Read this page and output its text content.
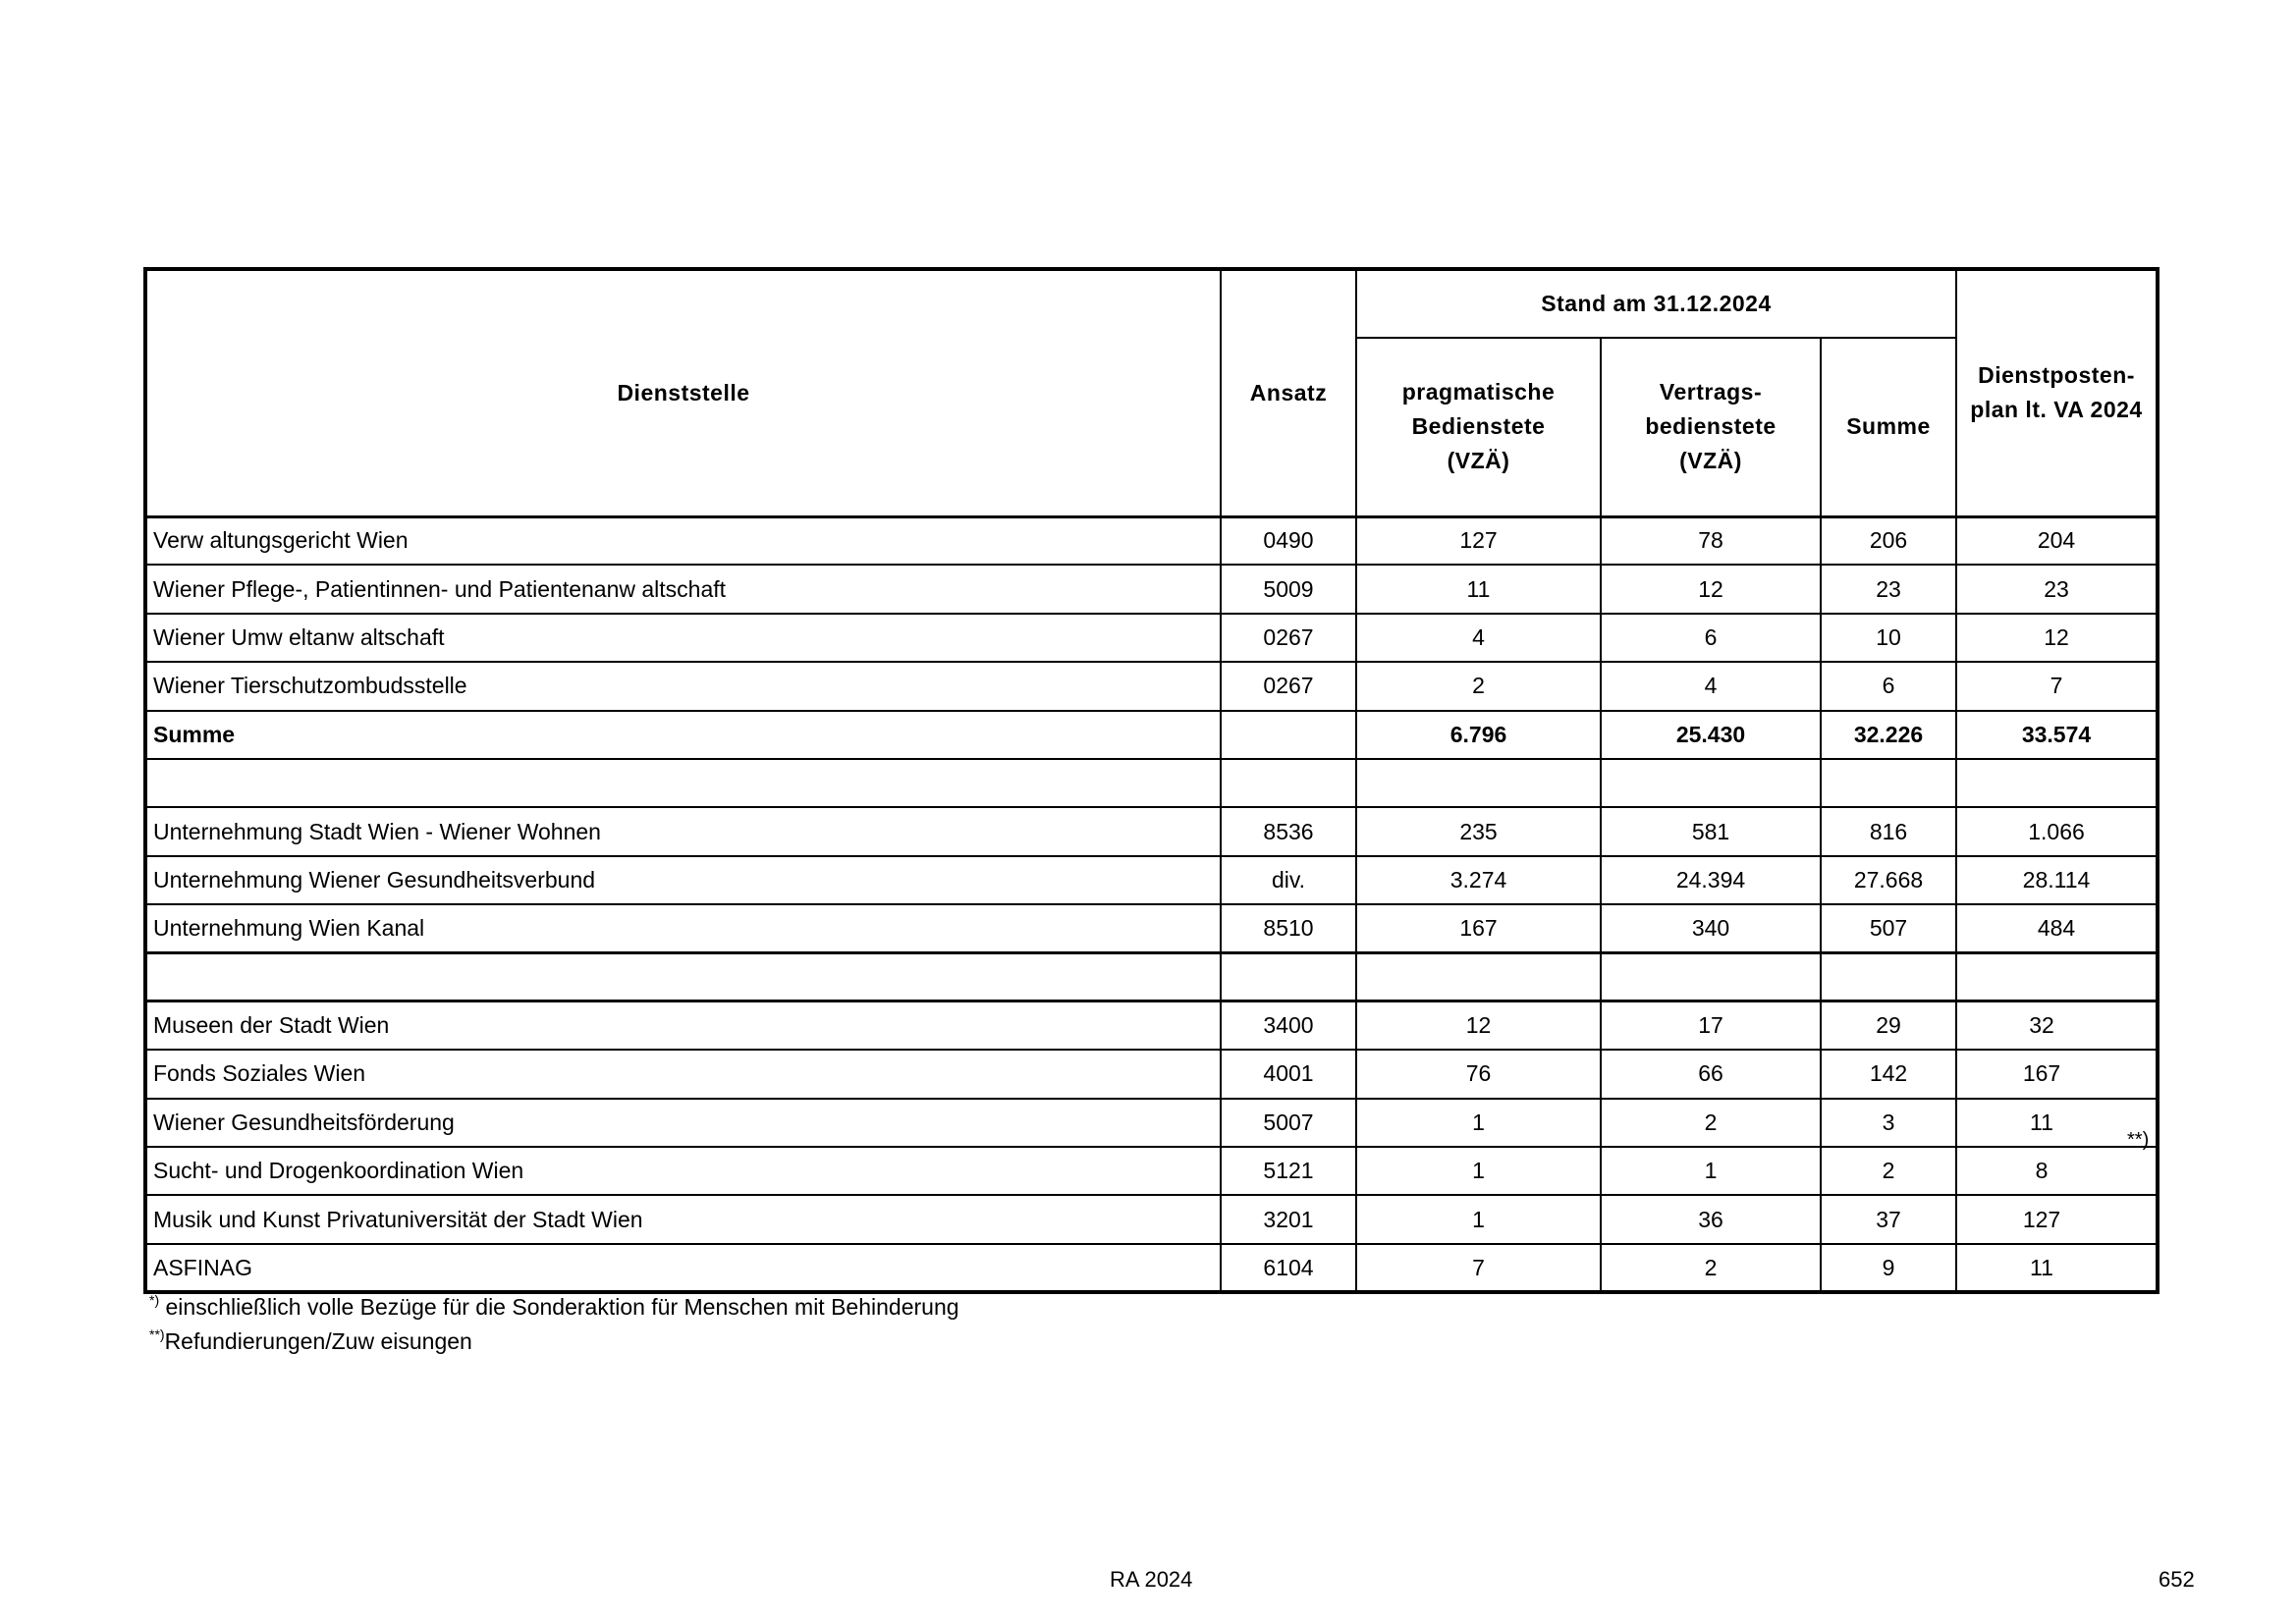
Dienststelle	Ansatz	Stand am 31.12.2024			Dienstposten- plan lt. VA 2024
		pragmatische Bedienstete (VZÄ)	Vertrags- bedienstete (VZÄ)	Summe	
Verw altungsgericht Wien	0490	127	78	206	204
Wiener Pflege-, Patientinnen- und Patientenanw altschaft	5009	11	12	23	23
Wiener Umw eltanw altschaft	0267	4	6	10	12
Wiener Tierschutzombudsstelle	0267	2	4	6	7
Summe		6.796	25.430	32.226	33.574

Unternehmung Stadt Wien - Wiener Wohnen	8536	235	581	816	1.066
Unternehmung Wiener Gesundheitsverbund	div.	3.274	24.394	27.668	28.114
Unternehmung Wien Kanal	8510	167	340	507	484

Museen der Stadt Wien	3400	12	17	29	32
Fonds Soziales Wien	4001	76	66	142	167
Wiener Gesundheitsförderung	5007	1	2	3	11
Sucht- und Drogenkoordination Wien	5121	1	1	2	8
Musik und Kunst Privatuniversität der Stadt Wien	3201	1	36	37	127
ASFINAG	6104	7	2	9	11
**)
*) einschließlich volle Bezüge für die Sonderaktion für Menschen mit Behinderung
**)Refundierungen/Zuw eisungen
RA 2024	652
